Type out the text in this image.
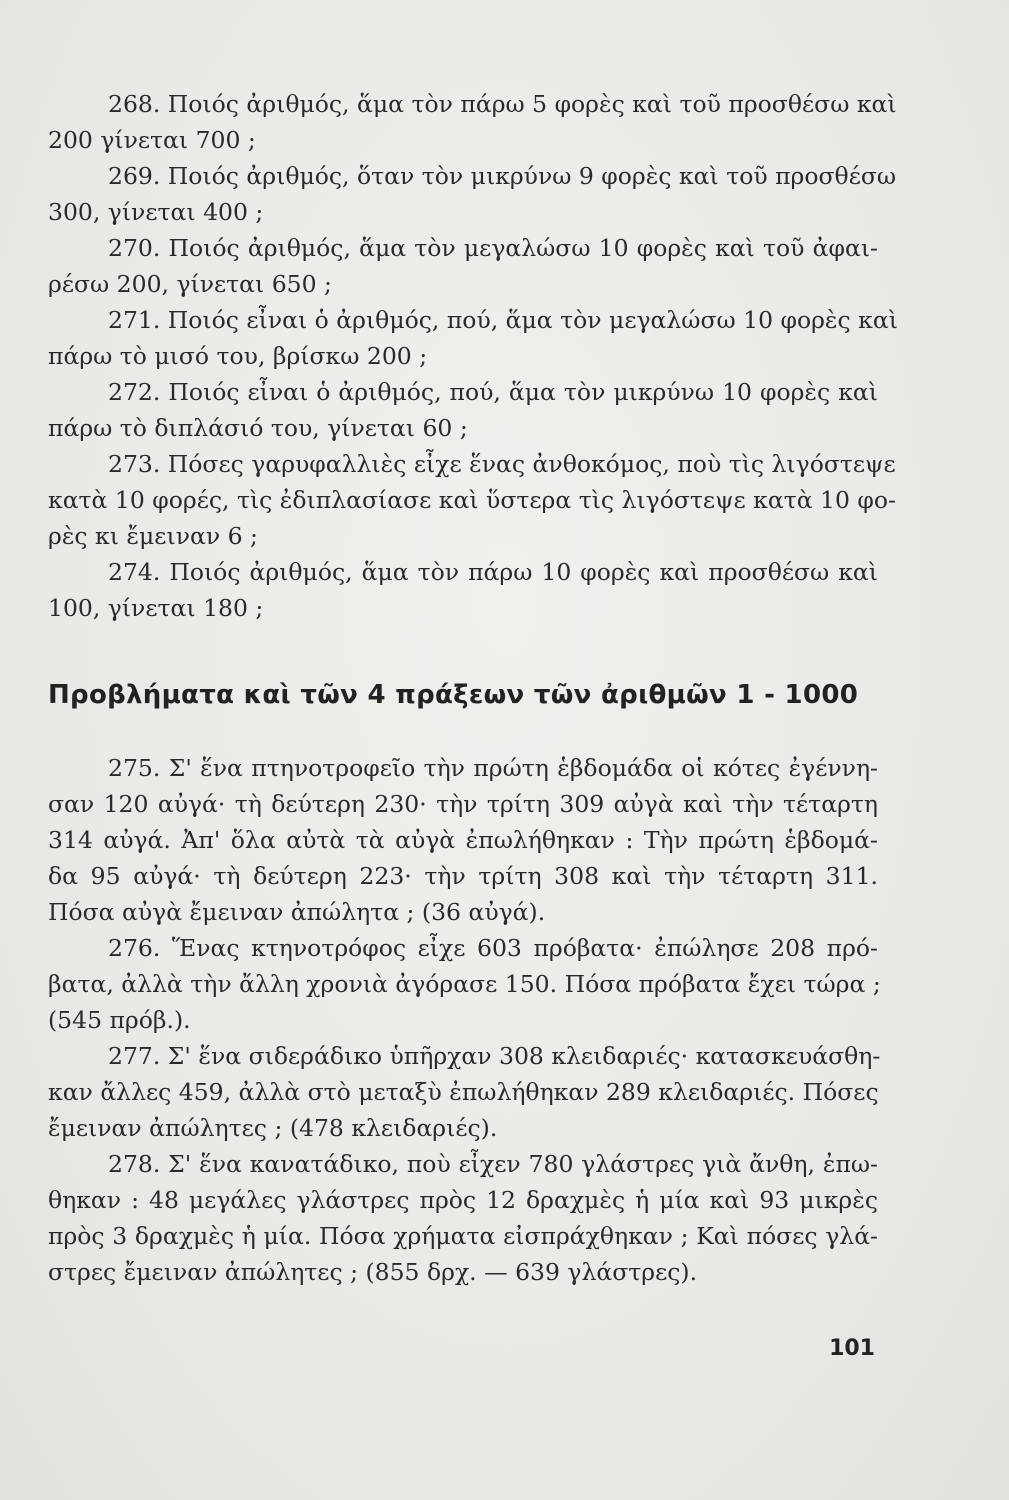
268. Ποιός ἀριθμός, ἅμα τὸν πάρω 5 φορὲς καὶ τοῦ προσθέσω καὶ
200 γίνεται 700 ;
269. Ποιός ἀριθμός, ὅταν τὸν μικρύνω 9 φορὲς καὶ τοῦ προσθέσω
300, γίνεται 400 ;
270. Ποιός ἀριθμός, ἅμα τὸν μεγαλώσω 10 φορὲς καὶ τοῦ ἀφαι-
ρέσω 200, γίνεται 650 ;
271. Ποιός εἶναι ὁ ἀριθμός, πού, ἅμα τὸν μεγαλώσω 10 φορὲς καὶ
πάρω τὸ μισό του, βρίσκω 200 ;
272. Ποιός εἶναι ὁ ἀριθμός, πού, ἅμα τὸν μικρύνω 10 φορὲς καὶ
πάρω τὸ διπλάσιό του, γίνεται 60 ;
273. Πόσες γαρυφαλλιὲς εἶχε ἕνας ἀνθοκόμος, ποὺ τὶς λιγόστεψε
κατὰ 10 φορές, τὶς ἐδιπλασίασε καὶ ὕστερα τὶς λιγόστεψε κατὰ 10 φο-
ρὲς κι ἔμειναν 6 ;
274. Ποιός ἀριθμός, ἅμα τὸν πάρω 10 φορὲς καὶ προσθέσω καὶ
100, γίνεται 180 ;
Προβλήματα καὶ τῶν 4 πράξεων τῶν ἀριθμῶν 1 - 1000
275. Σ' ἕνα πτηνοτροφεῖο τὴν πρώτη ἑβδομάδα οἱ κότες ἐγέννη-
σαν 120 αὐγά· τὴ δεύτερη 230· τὴν τρίτη 309 αὐγὰ καὶ τὴν τέταρτη
314 αὐγά. Ἀπ' ὅλα αὐτὰ τὰ αὐγὰ ἐπωλήθηκαν : Τὴν πρώτη ἑβδομά-
δα 95 αὐγά· τὴ δεύτερη 223· τὴν τρίτη 308 καὶ τὴν τέταρτη 311.
Πόσα αὐγὰ ἔμειναν ἀπώλητα ; (36 αὐγά).
276. Ἕνας κτηνοτρόφος εἶχε 603 πρόβατα· ἐπώλησε 208 πρό-
βατα, ἀλλὰ τὴν ἄλλη χρονιὰ ἀγόρασε 150. Πόσα πρόβατα ἔχει τώρα ;
(545 πρόβ.).
277. Σ' ἕνα σιδεράδικο ὑπῆρχαν 308 κλειδαριές· κατασκευάσθη-
καν ἄλλες 459, ἀλλὰ στὸ μεταξὺ ἐπωλήθηκαν 289 κλειδαριές. Πόσες
ἔμειναν ἀπώλητες ; (478 κλειδαριές).
278. Σ' ἕνα κανατάδικο, ποὺ εἶχεν 780 γλάστρες γιὰ ἄνθη, ἐπω-
θηκαν : 48 μεγάλες γλάστρες πρὸς 12 δραχμὲς ἡ μία καὶ 93 μικρὲς
πρὸς 3 δραχμὲς ἡ μία. Πόσα χρήματα εἰσπράχθηκαν ; Καὶ πόσες γλά-
στρες ἔμειναν ἀπώλητες ; (855 δρχ. — 639 γλάστρες).
101
